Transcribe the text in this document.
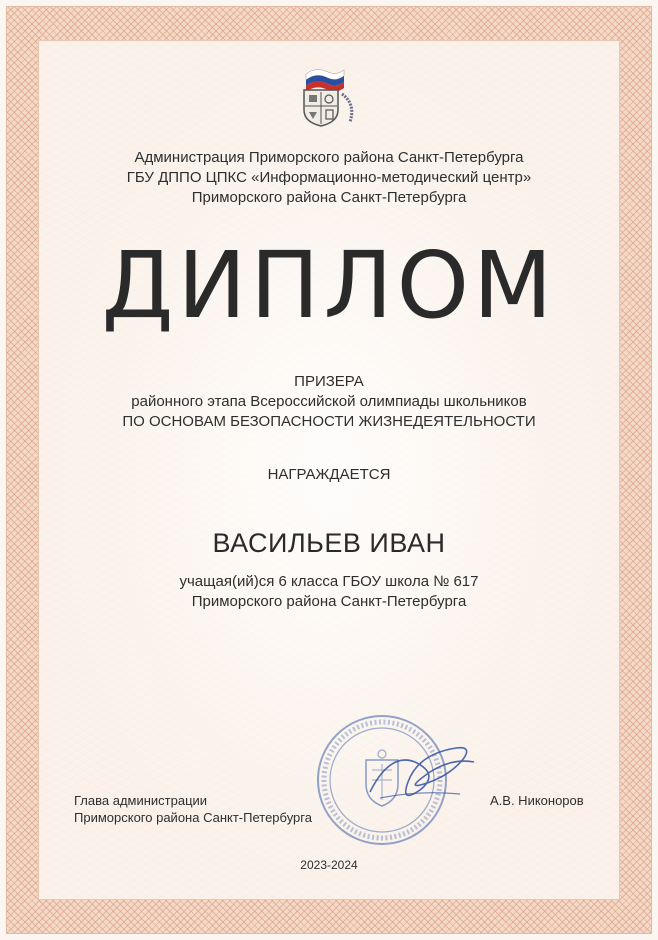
Администрация Приморского района Санкт-Петербурга
ГБУ ДППО ЦПКС «Информационно-методический центр»
Приморского района Санкт-Петербурга
ДИПЛОМ
ПРИЗЕРА
районного этапа Всероссийской олимпиады школьников
ПО ОСНОВАМ БЕЗОПАСНОСТИ ЖИЗНЕДЕЯТЕЛЬНОСТИ
НАГРАЖДАЕТСЯ
ВАСИЛЬЕВ ИВАН
учащая(ий)ся 6 класса ГБОУ школа № 617
Приморского района Санкт-Петербурга
Глава администрации
Приморского района Санкт-Петербурга
А.В. Никоноров
2023-2024
